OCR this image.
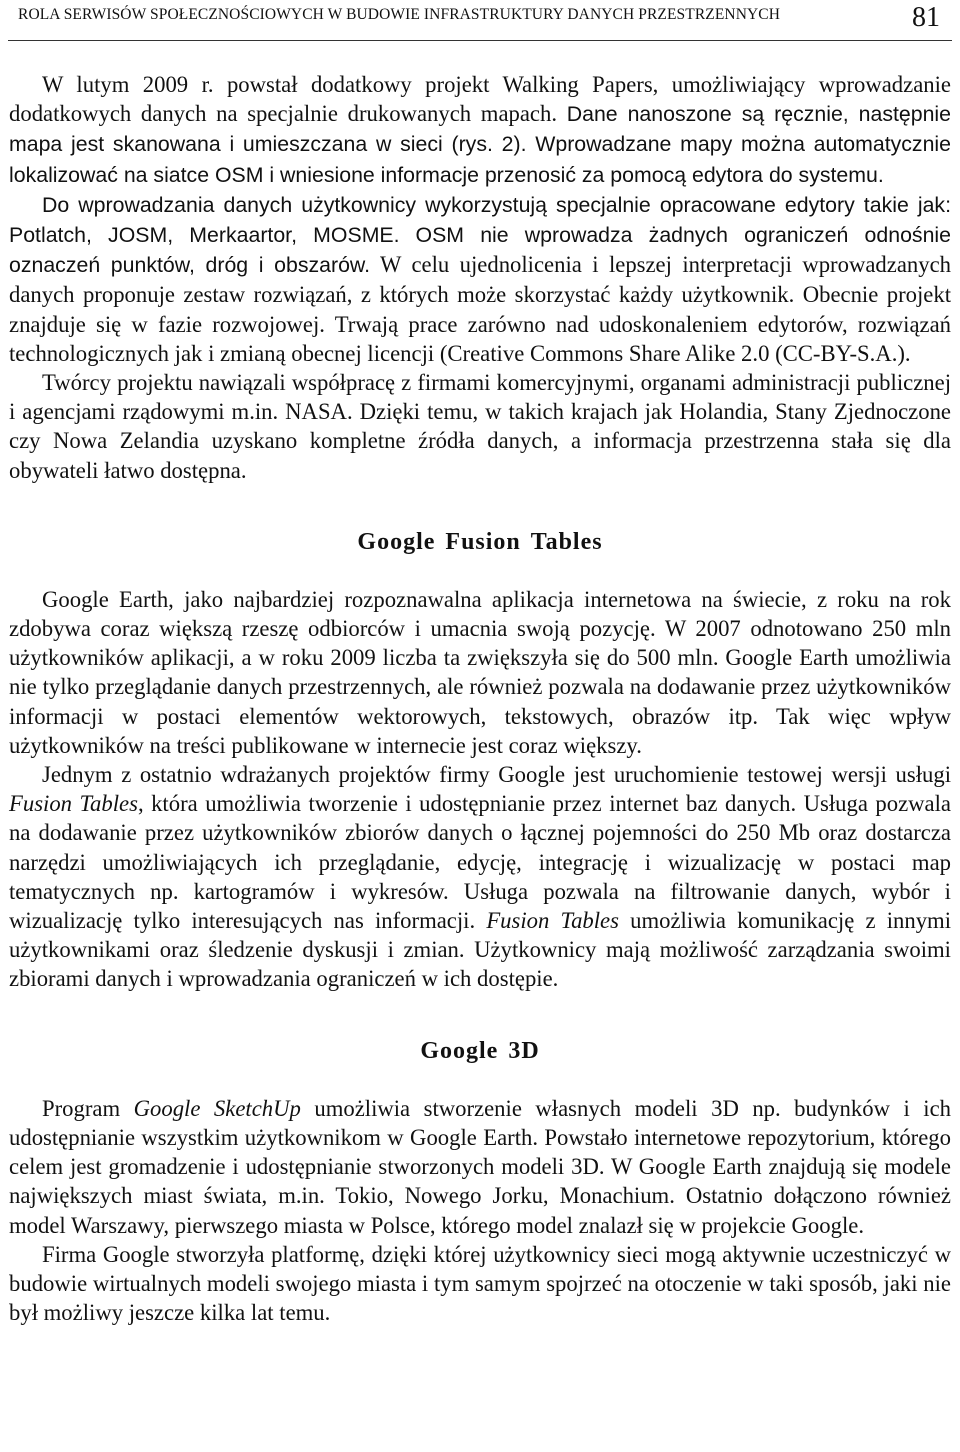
ROLA SERWISÓW SPOŁECZNOŚCIOWYCH W BUDOWIE INFRASTRUKTURY DANYCH PRZESTRZENNYCH	81

W lutym 2009 r. powstał dodatkowy projekt Walking Papers, umożliwiający wprowadzanie dodatkowych danych na specjalnie drukowanych mapach. Dane nanoszone są ręcznie, następnie mapa jest skanowana i umieszczana w sieci (rys. 2). Wprowadzane mapy można automatycznie lokalizować na siatce OSM i wniesione informacje przenosić za pomocą edytora do systemu.

Do wprowadzania danych użytkownicy wykorzystują specjalnie opracowane edytory takie jak: Potlatch, JOSM, Merkaartor, MOSME. OSM nie wprowadza żadnych ograniczeń odnośnie oznaczeń punktów, dróg i obszarów. W celu ujednolicenia i lepszej interpretacji wprowadzanych danych proponuje zestaw rozwiązań, z których może skorzystać każdy użytkownik. Obecnie projekt znajduje się w fazie rozwojowej. Trwają prace zarówno nad udoskonaleniem edytorów, rozwiązań technologicznych jak i zmianą obecnej licencji (Creative Commons Share Alike 2.0 (CC-BY-S.A.).

Twórcy projektu nawiązali współpracę z firmami komercyjnymi, organami administracji publicznej i agencjami rządowymi m.in. NASA. Dzięki temu, w takich krajach jak Holandia, Stany Zjednoczone czy Nowa Zelandia uzyskano kompletne źródła danych, a informacja przestrzenna stała się dla obywateli łatwo dostępna.

Google Fusion Tables

Google Earth, jako najbardziej rozpoznawalna aplikacja internetowa na świecie, z roku na rok zdobywa coraz większą rzeszę odbiorców i umacnia swoją pozycję. W 2007 odnotowano 250 mln użytkowników aplikacji, a w roku 2009 liczba ta zwiększyła się do 500 mln. Google Earth umożliwia nie tylko przeglądanie danych przestrzennych, ale również pozwala na dodawanie przez użytkowników informacji w postaci elementów wektorowych, tekstowych, obrazów itp. Tak więc wpływ użytkowników na treści publikowane w internecie jest coraz większy.

Jednym z ostatnio wdrażanych projektów firmy Google jest uruchomienie testowej wersji usługi Fusion Tables, która umożliwia tworzenie i udostępnianie przez internet baz danych. Usługa pozwala na dodawanie przez użytkowników zbiorów danych o łącznej pojemności do 250 Mb oraz dostarcza narzędzi umożliwiających ich przeglądanie, edycję, integrację i wizualizację w postaci map tematycznych np. kartogramów i wykresów. Usługa pozwala na filtrowanie danych, wybór i wizualizację tylko interesujących nas informacji. Fusion Tables umożliwia komunikację z innymi użytkownikami oraz śledzenie dyskusji i zmian. Użytkownicy mają możliwość zarządzania swoimi zbiorami danych i wprowadzania ograniczeń w ich dostępie.

Google 3D

Program Google SketchUp umożliwia stworzenie własnych modeli 3D np. budynków i ich udostępnianie wszystkim użytkownikom w Google Earth. Powstało internetowe repozytorium, którego celem jest gromadzenie i udostępnianie stworzonych modeli 3D. W Google Earth znajdują się modele największych miast świata, m.in. Tokio, Nowego Jorku, Monachium. Ostatnio dołączono również model Warszawy, pierwszego miasta w Polsce, którego model znalazł się w projekcie Google.

Firma Google stworzyła platformę, dzięki której użytkownicy sieci mogą aktywnie uczestniczyć w budowie wirtualnych modeli swojego miasta i tym samym spojrzeć na otoczenie w taki sposób, jaki nie był możliwy jeszcze kilka lat temu.
